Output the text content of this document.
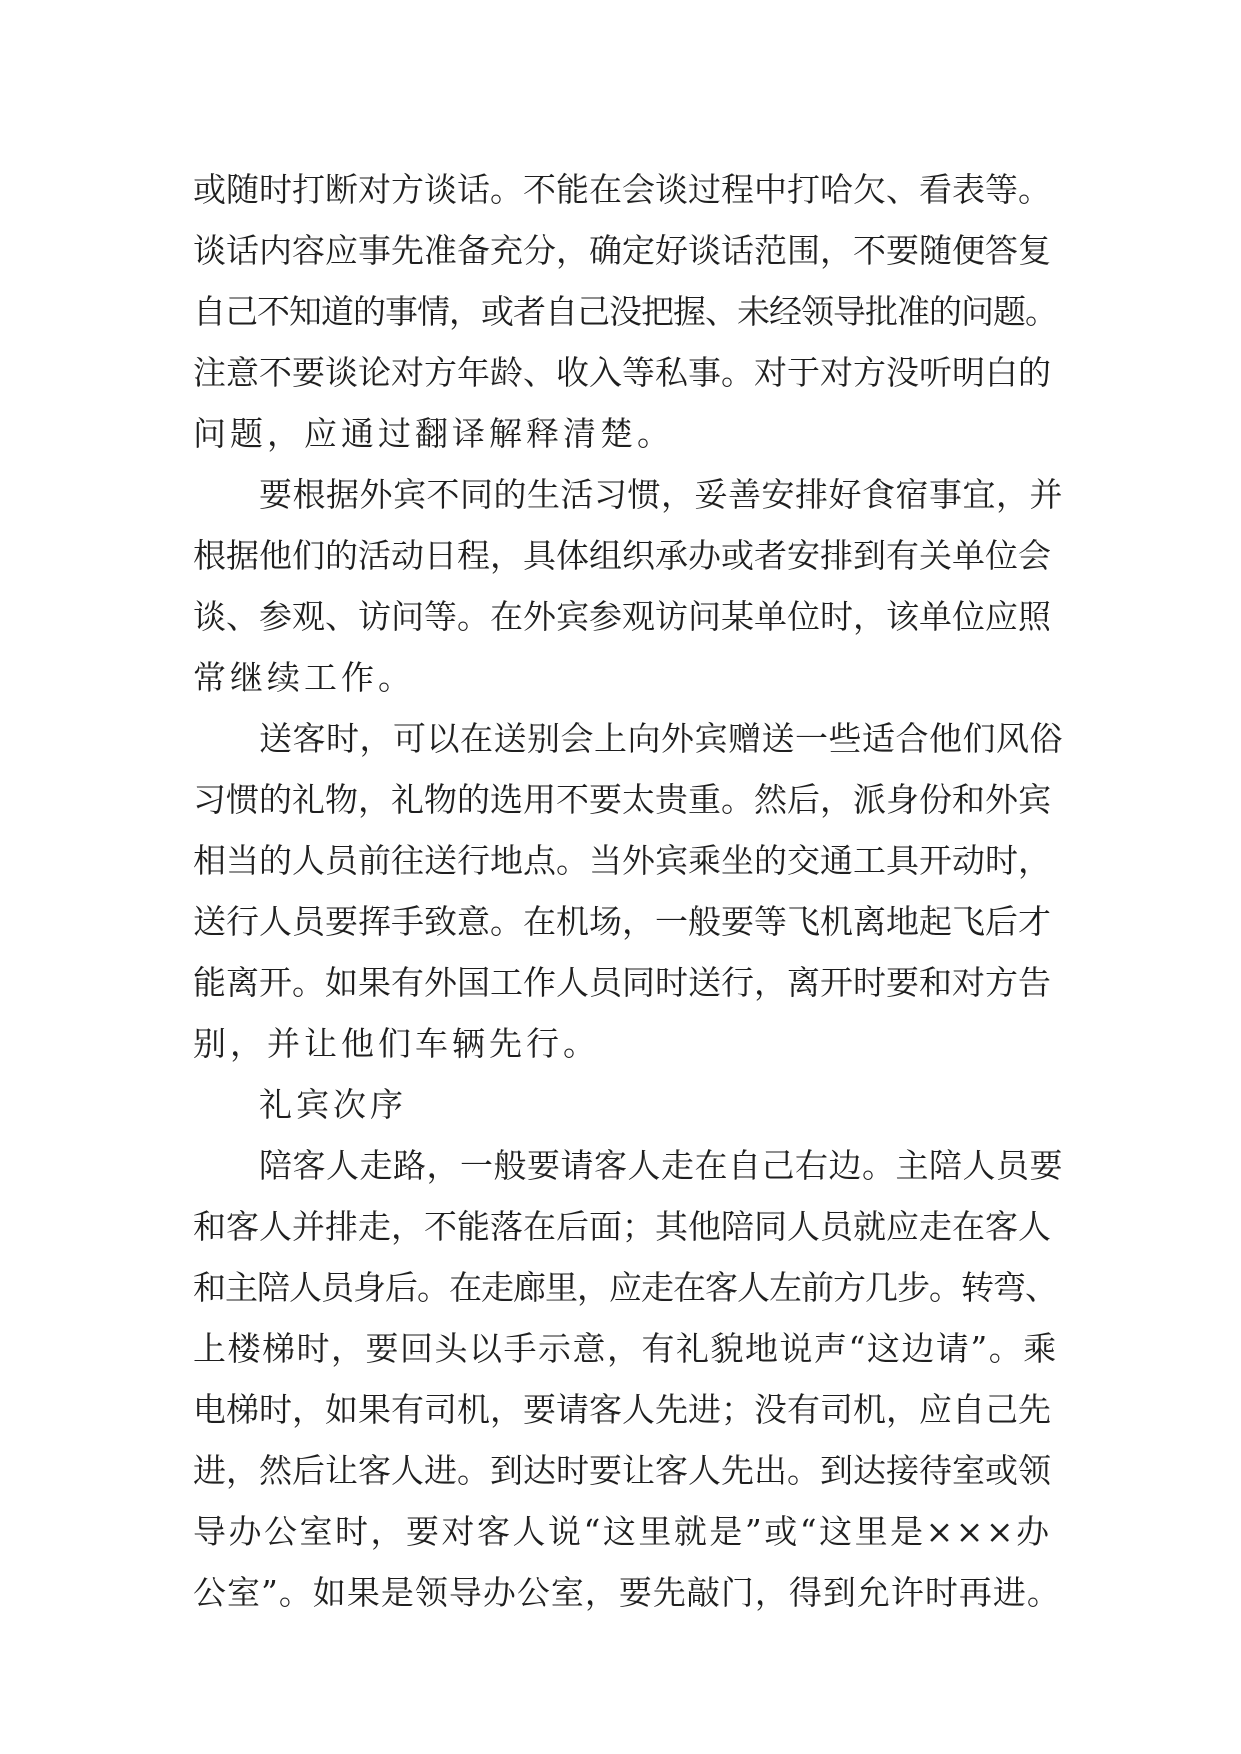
或随时打断对方谈话。不能在会谈过程中打哈欠、看表等。
谈话内容应事先准备充分，确定好谈话范围，不要随便答复
自己不知道的事情，或者自己没把握、未经领导批准的问题。
注意不要谈论对方年龄、收入等私事。对于对方没听明白的
问题，应通过翻译解释清楚。
要根据外宾不同的生活习惯，妥善安排好食宿事宜，并
根据他们的活动日程，具体组织承办或者安排到有关单位会
谈、参观、访问等。在外宾参观访问某单位时，该单位应照
常继续工作。
送客时，可以在送别会上向外宾赠送一些适合他们风俗
习惯的礼物，礼物的选用不要太贵重。然后，派身份和外宾
相当的人员前往送行地点。当外宾乘坐的交通工具开动时，
送行人员要挥手致意。在机场，一般要等飞机离地起飞后才
能离开。如果有外国工作人员同时送行，离开时要和对方告
别，并让他们车辆先行。
礼宾次序
陪客人走路，一般要请客人走在自己右边。主陪人员要
和客人并排走，不能落在后面；其他陪同人员就应走在客人
和主陪人员身后。在走廊里，应走在客人左前方几步。转弯、
上楼梯时，要回头以手示意，有礼貌地说声“这边请”。乘
电梯时，如果有司机，要请客人先进；没有司机，应自己先
进，然后让客人进。到达时要让客人先出。到达接待室或领
导办公室时，要对客人说“这里就是”或“这里是×××办
公室”。如果是领导办公室，要先敲门，得到允许时再进。
